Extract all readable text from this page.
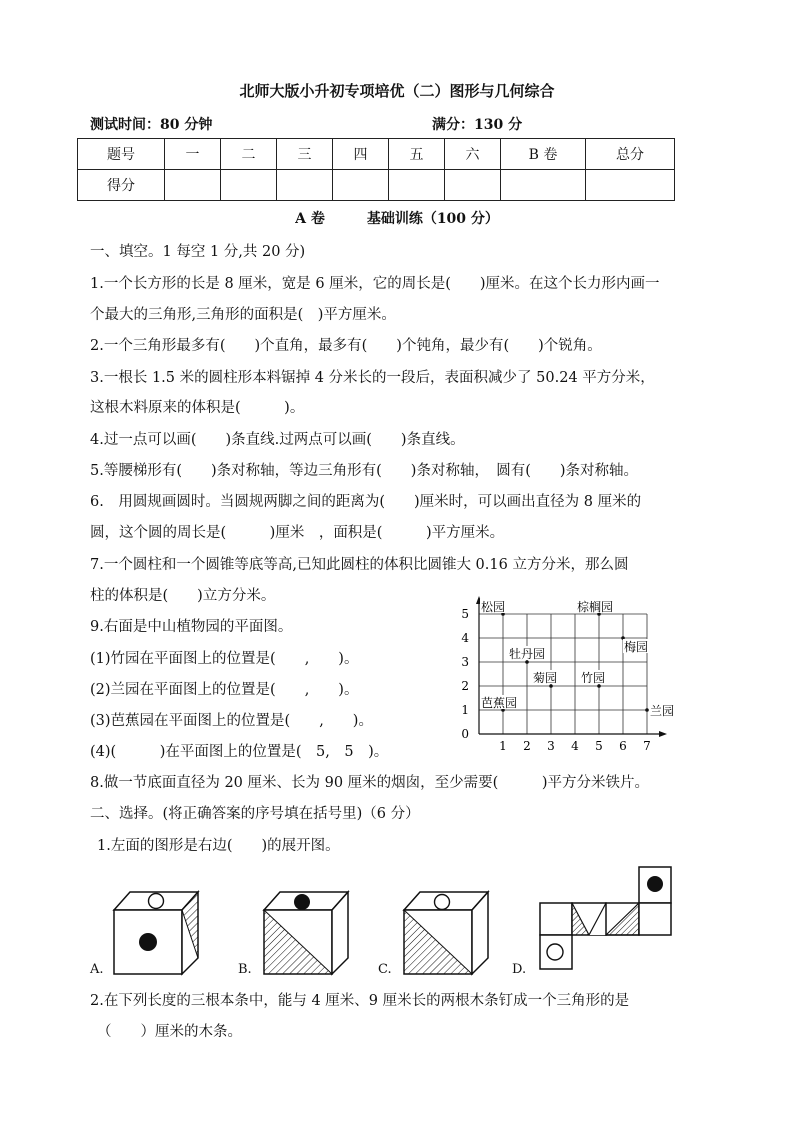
北师大版小升初专项培优（二）图形与几何综合
测试时间：80 分钟	满分：130 分
题号	一	二	三	四	五	六	B 卷	总分
得分								
A 卷　　　基础训练（100 分）
一、填空。1 每空 1 分,共 20 分)
1.一个长方形的长是 8 厘米，宽是 6 厘米，它的周长是(　　)厘米。在这个长力形内画一
个最大的三角形,三角形的面积是(　)平方厘米。
2.一个三角形最多有(　　)个直角，最多有(　　)个钝角，最少有(　　)个锐角。
3.一根长 1.5 米的圆柱形本料锯掉 4 分米长的一段后，表面积减少了 50.24 平方分米，
这根木料原来的体积是(　　　)。
4.过一点可以画(　　)条直线.过两点可以画(　　)条直线。
5.等腰梯形有(　　)条对称轴，等边三角形有(　　)条对称轴，　圆有(　　)条对称轴。
6.　用圆规画圆时。当圆规两脚之间的距离为(　　)厘米时，可以画出直径为 8 厘米的
圆，这个圆的周长是(　　　)厘米　，面积是(　　　)平方厘米。
7.一个圆柱和一个圆锥等底等高,已知此圆柱的体积比圆锥大 0.16 立方分米，那么圆
柱的体积是(　　)立方分米。
9.右面是中山植物园的平面图。
(1)竹园在平面图上的位置是(　　,　　)。
(2)兰园在平面图上的位置是(　　,　　)。
(3)芭蕉园在平面图上的位置是(　　,　　)。
(4)(　　　)在平面图上的位置是(　5,　5　)。
8.做一节底面直径为 20 厘米、长为 90 厘米的烟囱，至少需要(　　　)平方分米铁片。
1 2 3 4 5 6 7
0
1
2
3
4
5 松园	棕榈园
梅园
牡丹园
菊园 竹园
芭蕉园
兰园
二、选择。(将正确答案的序号填在括号里)（6 分）
1.左面的图形是右边(　　)的展开图。
A.	B.	C.	D.
2.在下列长度的三根本条中，能与 4 厘米、9 厘米长的两根木条钉成一个三角形的是
（　　）厘米的木条。
